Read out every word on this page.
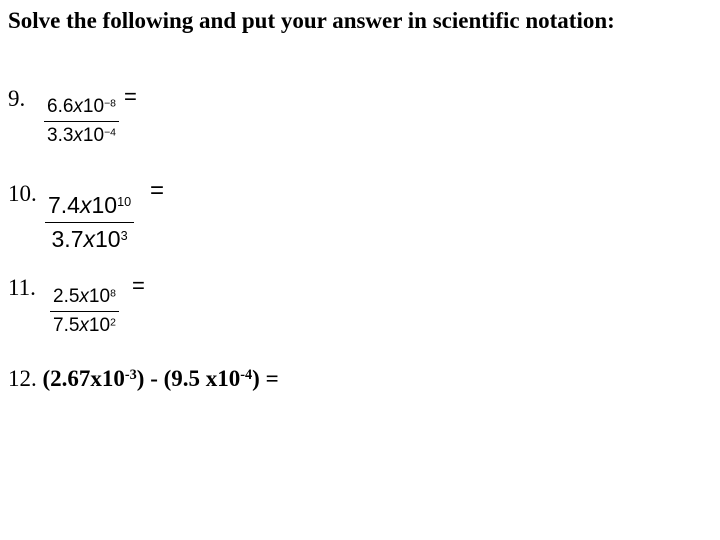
Solve the following and put your answer in scientific notation:
9. $6.6x10^{-8}$
$3.3x10^{-4}$
=
10. $7.4x10^{10}$
$3.7x10^3$
=
11. $2.5x10^8$
$7.5x10^2$
=
12. $(2.67x10^{-3}) - (9.5$ $x10^{-4}$) =
